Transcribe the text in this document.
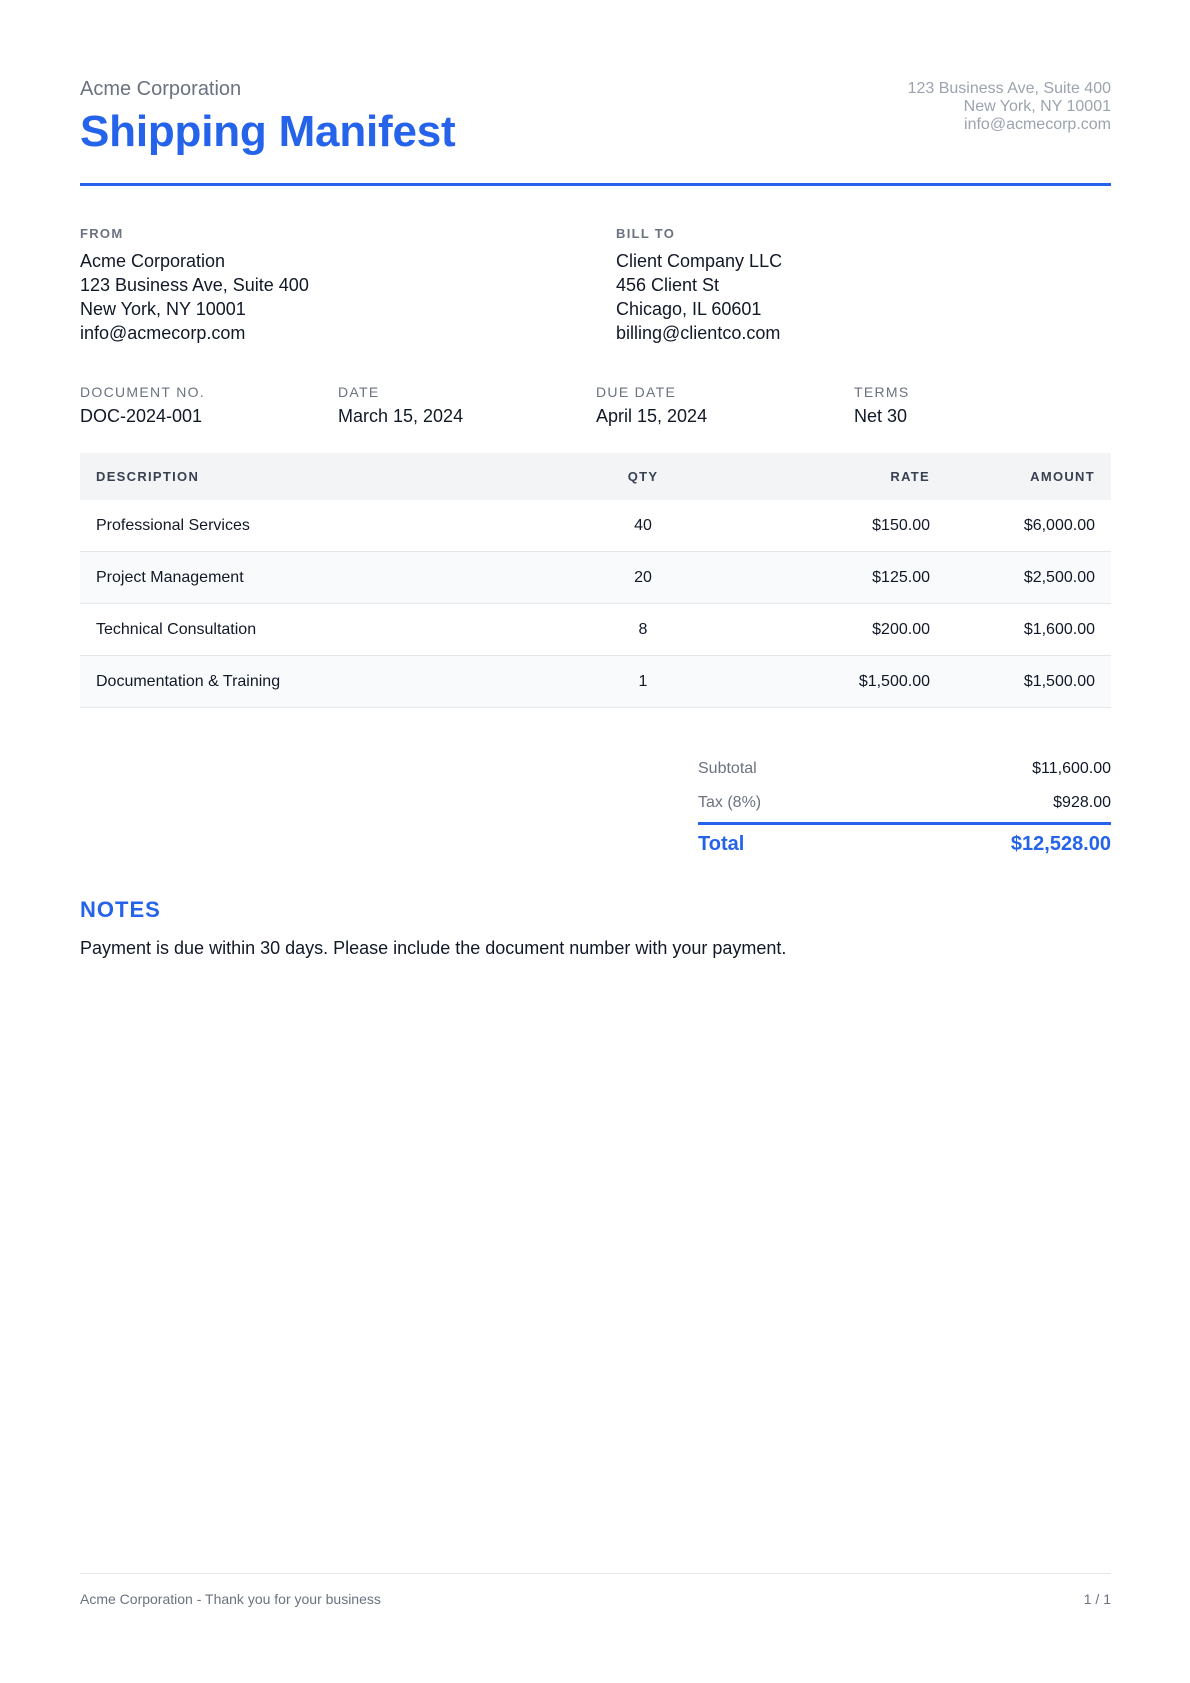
Acme Corporation
Shipping Manifest
123 Business Ave, Suite 400
New York, NY 10001
info@acmecorp.com
FROM
Acme Corporation
123 Business Ave, Suite 400
New York, NY 10001
info@acmecorp.com
BILL TO
Client Company LLC
456 Client St
Chicago, IL 60601
billing@clientco.com
DOCUMENT NO.
DOC-2024-001
DATE
March 15, 2024
DUE DATE
April 15, 2024
TERMS
Net 30
DESCRIPTION	QTY	RATE	AMOUNT
Professional Services	40	$150.00	$6,000.00
Project Management	20	$125.00	$2,500.00
Technical Consultation	8	$200.00	$1,600.00
Documentation & Training	1	$1,500.00	$1,500.00
Subtotal	$11,600.00
Tax (8%)	$928.00
Total	$12,528.00
NOTES
Payment is due within 30 days. Please include the document number with your payment.
Acme Corporation - Thank you for your business	1 / 1
